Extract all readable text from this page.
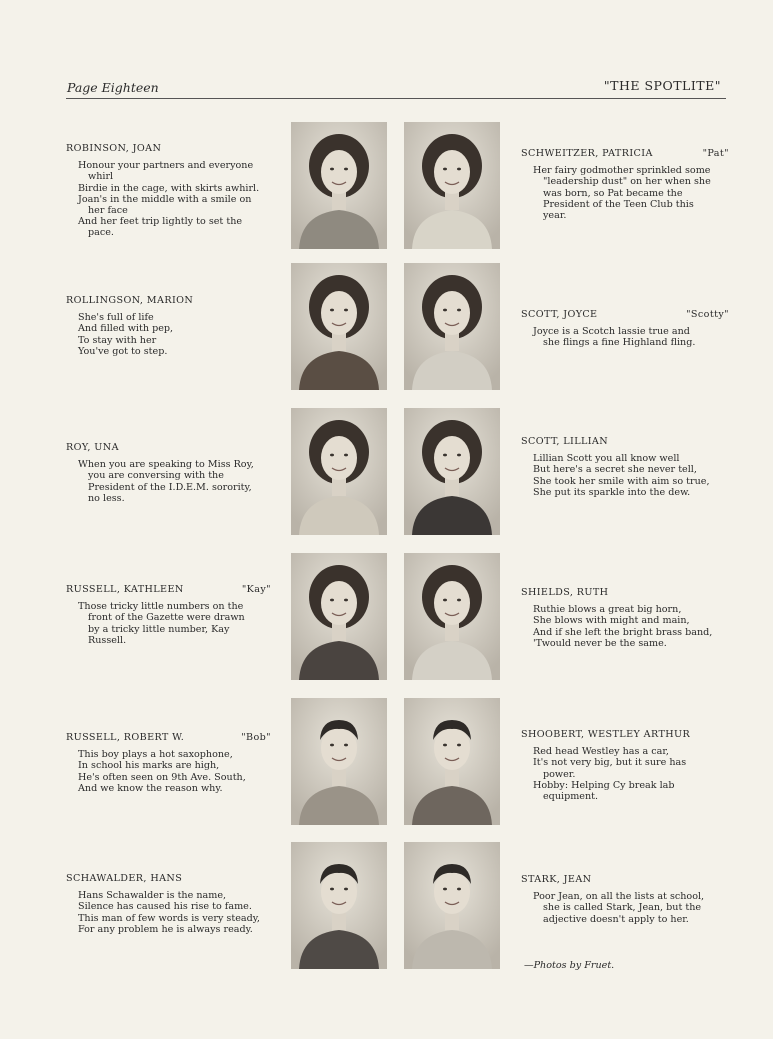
Page Eighteen	"THE SPOTLITE"
ROBINSON, JOAN
Honour your partners and everyone
whirl
Birdie in the cage, with skirts awhirl.
Joan's in the middle with a smile on
her face
And her feet trip lightly to set the
pace.
ROLLINGSON, MARION
She's full of life
And filled with pep,
To stay with her
You've got to step.
ROY, UNA
When you are speaking to Miss Roy,
you are conversing with the
President of the I.D.E.M. sorority,
no less.
RUSSELL, KATHLEEN	"Kay"
Those tricky little numbers on the
front of the Gazette were drawn
by a tricky little number, Kay
Russell.
RUSSELL, ROBERT W.	"Bob"
This boy plays a hot saxophone,
In school his marks are high,
He's often seen on 9th Ave. South,
And we know the reason why.
SCHAWALDER, HANS
Hans Schawalder is the name,
Silence has caused his rise to fame.
This man of few words is very steady,
For any problem he is always ready.
SCHWEITZER, PATRICIA	"Pat"
Her fairy godmother sprinkled some
"leadership dust" on her when she
was born, so Pat became the
President of the Teen Club this
year.
SCOTT, JOYCE	"Scotty"
Joyce is a Scotch lassie true and
she flings a fine Highland fling.
SCOTT, LILLIAN
Lillian Scott you all know well
But here's a secret she never tell,
She took her smile with aim so true,
She put its sparkle into the dew.
SHIELDS, RUTH
Ruthie blows a great big horn,
She blows with might and main,
And if she left the bright brass band,
'Twould never be the same.
SHOOBERT, WESTLEY ARTHUR
Red head Westley has a car,
It's not very big, but it sure has
power.
Hobby: Helping Cy break lab
equipment.
STARK, JEAN
Poor Jean, on all the lists at school,
she is called Stark, Jean, but the
adjective doesn't apply to her.
—Photos by Fruet.
